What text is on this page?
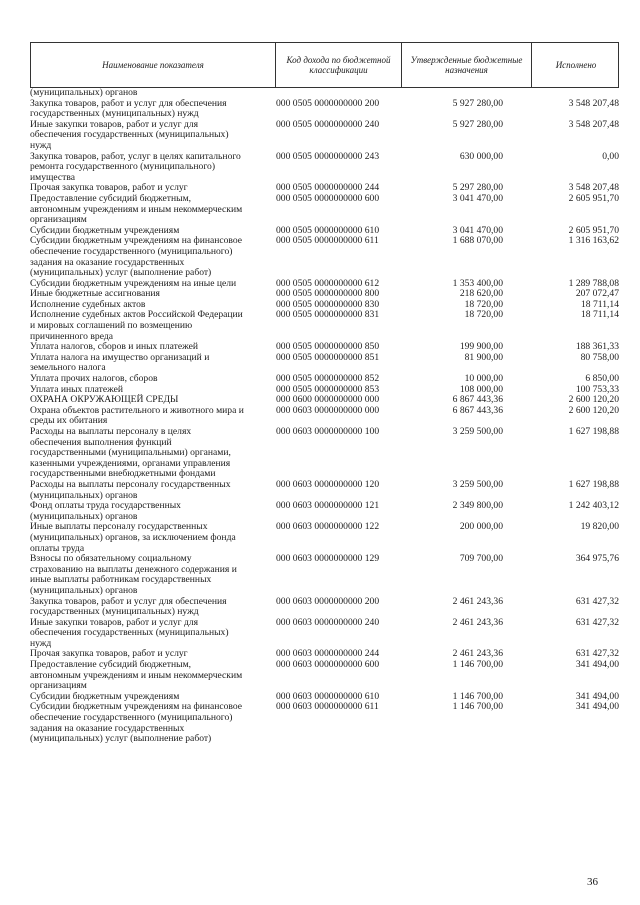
Наименование показателя	Код дохода по бюджетной классификации
Утвержденные бюджетные назначения	Исполнено
(муниципальных) органов
Закупка товаров, работ и услуг для обеспечения
государственных (муниципальных) нужд
000 0505 0000000000 200	5 927 280,00	3 548 207,48
Иные закупки товаров, работ и услуг для
обеспечения государственных (муниципальных)
нужд
000 0505 0000000000 240	5 927 280,00	3 548 207,48
Закупка товаров, работ, услуг в целях капитального
ремонта государственного (муниципального)
имущества
000 0505 0000000000 243	630 000,00	0,00
Прочая закупка товаров, работ и услуг	000 0505 0000000000 244	5 297 280,00	3 548 207,48
Предоставление субсидий бюджетным,
автономным учреждениям и иным некоммерческим
организациям
000 0505 0000000000 600	3 041 470,00	2 605 951,70
Субсидии бюджетным учреждениям	000 0505 0000000000 610	3 041 470,00	2 605 951,70
Субсидии бюджетным учреждениям на финансовое
обеспечение государственного (муниципального)
задания на оказание государственных
(муниципальных) услуг (выполнение работ)
000 0505 0000000000 611	1 688 070,00	1 316 163,62
Субсидии бюджетным учреждениям на иные цели	000 0505 0000000000 612	1 353 400,00	1 289 788,08
Иные бюджетные ассигнования	000 0505 0000000000 800	218 620,00	207 072,47
Исполнение судебных актов	000 0505 0000000000 830	18 720,00	18 711,14
Исполнение судебных актов Российской Федерации
и мировых соглашений по возмещению
причиненного вреда
000 0505 0000000000 831	18 720,00	18 711,14
Уплата налогов, сборов и иных платежей	000 0505 0000000000 850	199 900,00	188 361,33
Уплата налога на имущество организаций и
земельного налога
000 0505 0000000000 851	81 900,00	80 758,00
Уплата прочих налогов, сборов	000 0505 0000000000 852	10 000,00	6 850,00
Уплата иных платежей	000 0505 0000000000 853	108 000,00	100 753,33
ОХРАНА ОКРУЖАЮЩЕЙ СРЕДЫ	000 0600 0000000000 000	6 867 443,36	2 600 120,20
Охрана объектов растительного и животного мира и
среды их обитания
000 0603 0000000000 000	6 867 443,36	2 600 120,20
Расходы на выплаты персоналу в целях
обеспечения выполнения функций
государственными (муниципальными) органами,
казенными учреждениями, органами управления
государственными внебюджетными фондами
000 0603 0000000000 100	3 259 500,00	1 627 198,88
Расходы на выплаты персоналу государственных
(муниципальных) органов
000 0603 0000000000 120	3 259 500,00	1 627 198,88
Фонд оплаты труда государственных
(муниципальных) органов
000 0603 0000000000 121	2 349 800,00	1 242 403,12
Иные выплаты персоналу государственных
(муниципальных) органов, за исключением фонда
оплаты труда
000 0603 0000000000 122	200 000,00	19 820,00
Взносы по обязательному социальному
страхованию на выплаты денежного содержания и
иные выплаты работникам государственных
(муниципальных) органов
000 0603 0000000000 129	709 700,00	364 975,76
Закупка товаров, работ и услуг для обеспечения
государственных (муниципальных) нужд
000 0603 0000000000 200	2 461 243,36	631 427,32
Иные закупки товаров, работ и услуг для
обеспечения государственных (муниципальных)
нужд
000 0603 0000000000 240	2 461 243,36	631 427,32
Прочая закупка товаров, работ и услуг	000 0603 0000000000 244	2 461 243,36	631 427,32
Предоставление субсидий бюджетным,
автономным учреждениям и иным некоммерческим
организациям
000 0603 0000000000 600	1 146 700,00	341 494,00
Субсидии бюджетным учреждениям	000 0603 0000000000 610	1 146 700,00	341 494,00
Субсидии бюджетным учреждениям на финансовое
обеспечение государственного (муниципального)
задания на оказание государственных
(муниципальных) услуг (выполнение работ)
000 0603 0000000000 611	1 146 700,00	341 494,00
36
